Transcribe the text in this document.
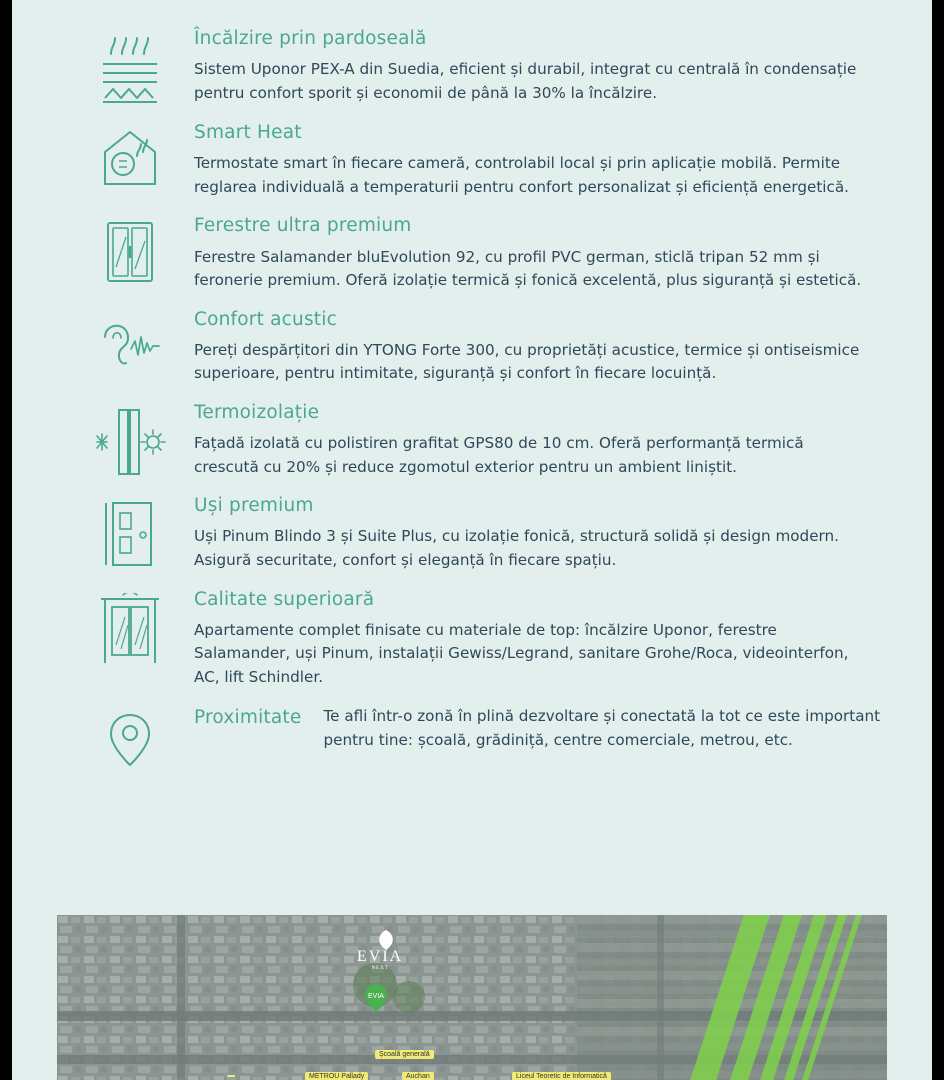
Încălzire prin pardoseală
Sistem Uponor PEX-A din Suedia, eficient și durabil, integrat cu centrală în condensație pentru confort sporit și economii de până la 30% la încălzire.
Smart Heat
Termostate smart în fiecare cameră, controlabil local și prin aplicație mobilă. Permite reglarea individuală a temperaturii pentru confort personalizat și eficiență energetică.
Ferestre ultra premium
Ferestre Salamander bluEvolution 92, cu profil PVC german, sticlă tripan 52 mm și feronerie premium. Oferă izolație termică și fonică excelentă, plus siguranță și estetică.
Confort acustic
Pereți despărțitori din YTONG Forte 300, cu proprietăți acustice, termice și ontiseismice superioare, pentru intimitate, siguranță și confort în fiecare locuință.
Termoizolație
Fațadă izolată cu polistiren grafitat GPS80 de 10 cm. Oferă performanță termică crescută cu 20% și reduce zgomotul exterior pentru un ambient liniștit.
Uși premium
Uși Pinum Blindo 3 și Suite Plus, cu izolație fonică, structură solidă și design modern. Asigură securitate, confort și eleganță în fiecare spațiu.
Calitate superioară
Apartamente complet finisate cu materiale de top: încălzire Uponor, ferestre Salamander, uși Pinum, instalații Gewiss/Legrand, sanitare Grohe/Roca, videointerfon, AC, lift Schindler.
Proximitate Te afli într-o zonă în plină dezvoltare și conectată la tot ce este important pentru tine: școală, grădiniță, centre comerciale, metrou, etc.
EVIA
NEXT
EVIA
Școală generală
METROU Pallady	Auchan	Liceul Teoretic de Informatică
